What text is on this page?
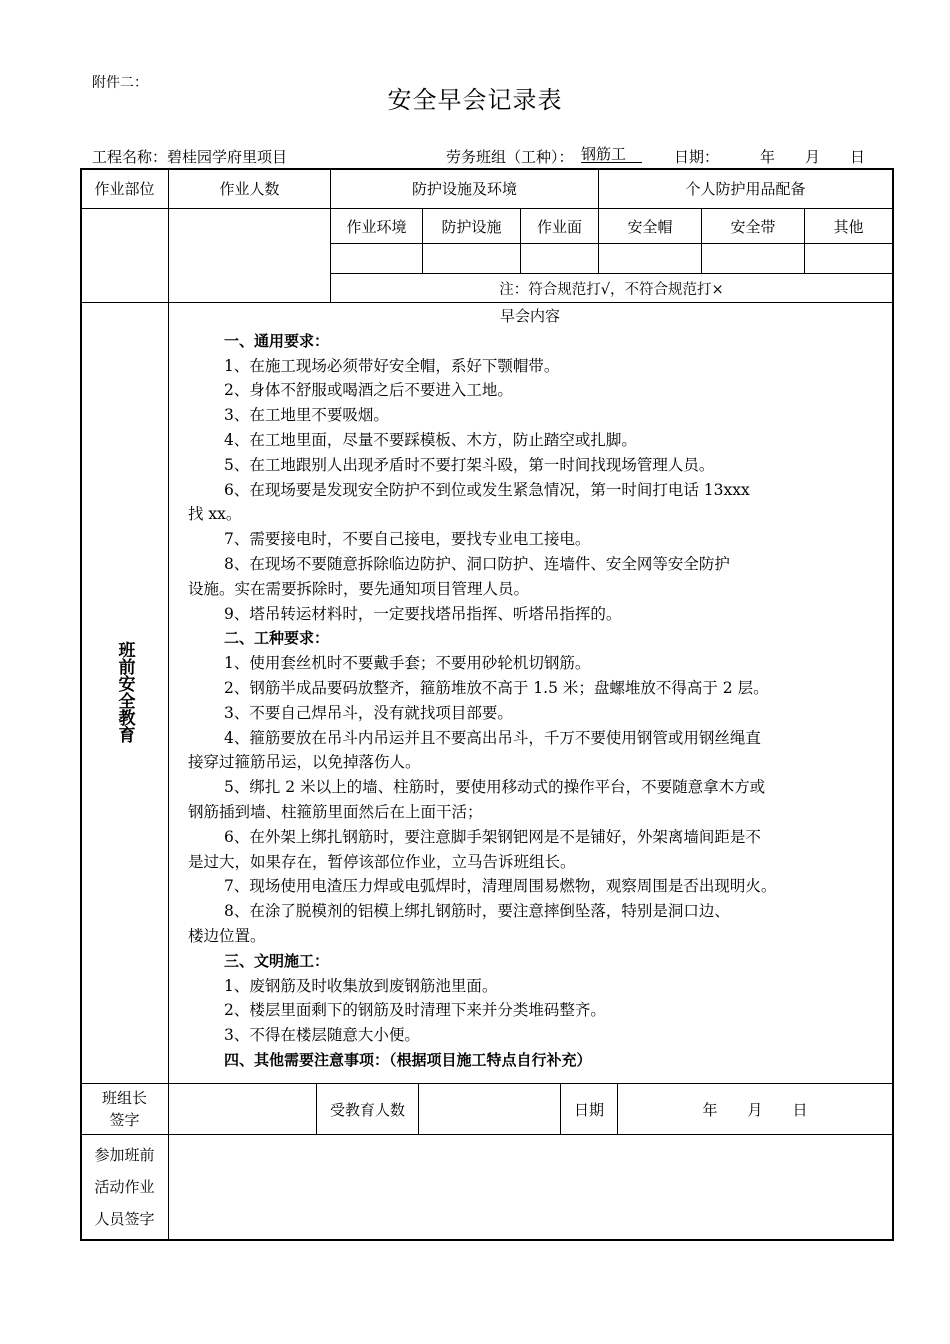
附件二：
安全早会记录表
工程名称：碧桂园学府里项目	劳务班组（工种）： 钢筋工	日期：	年　　月　　日
作业部位	作业人数	防护设施及环境	个人防护用品配备
作业环境	防护设施	作业面	安全帽	安全带	其他
注：符合规范打√，不符合规范打×
班前安全教育
早会内容
一、通用要求：
1、在施工现场必须带好安全帽，系好下颚帽带。
2、身体不舒服或喝酒之后不要进入工地。
3、在工地里不要吸烟。
4、在工地里面，尽量不要踩模板、木方，防止踏空或扎脚。
5、在工地跟别人出现矛盾时不要打架斗殴，第一时间找现场管理人员。
6、在现场要是发现安全防护不到位或发生紧急情况，第一时间打电话 13xxx
找 xx。
7、需要接电时，不要自己接电，要找专业电工接电。
8、在现场不要随意拆除临边防护、洞口防护、连墙件、安全网等安全防护
设施。实在需要拆除时，要先通知项目管理人员。
9、塔吊转运材料时，一定要找塔吊指挥、听塔吊指挥的。
二、工种要求：
1、使用套丝机时不要戴手套；不要用砂轮机切钢筋。
2、钢筋半成品要码放整齐，箍筋堆放不高于 1.5 米；盘螺堆放不得高于 2 层。
3、不要自己焊吊斗，没有就找项目部要。
4、箍筋要放在吊斗内吊运并且不要高出吊斗，千万不要使用钢管或用钢丝绳直
接穿过箍筋吊运，以免掉落伤人。
5、绑扎 2 米以上的墙、柱筋时，要使用移动式的操作平台，不要随意拿木方或
钢筋插到墙、柱箍筋里面然后在上面干活；
6、在外架上绑扎钢筋时，要注意脚手架钢钯网是不是铺好，外架离墙间距是不
是过大，如果存在，暂停该部位作业，立马告诉班组长。
7、现场使用电渣压力焊或电弧焊时，清理周围易燃物，观察周围是否出现明火。
8、在涂了脱模剂的铝模上绑扎钢筋时，要注意摔倒坠落，特别是洞口边、
楼边位置。
三、文明施工：
1、废钢筋及时收集放到废钢筋池里面。
2、楼层里面剩下的钢筋及时清理下来并分类堆码整齐。
3、不得在楼层随意大小便。
四、其他需要注意事项：（根据项目施工特点自行补充）
班组长
签字
受教育人数	日期	年　　月　　日
参加班前
活动作业
人员签字
